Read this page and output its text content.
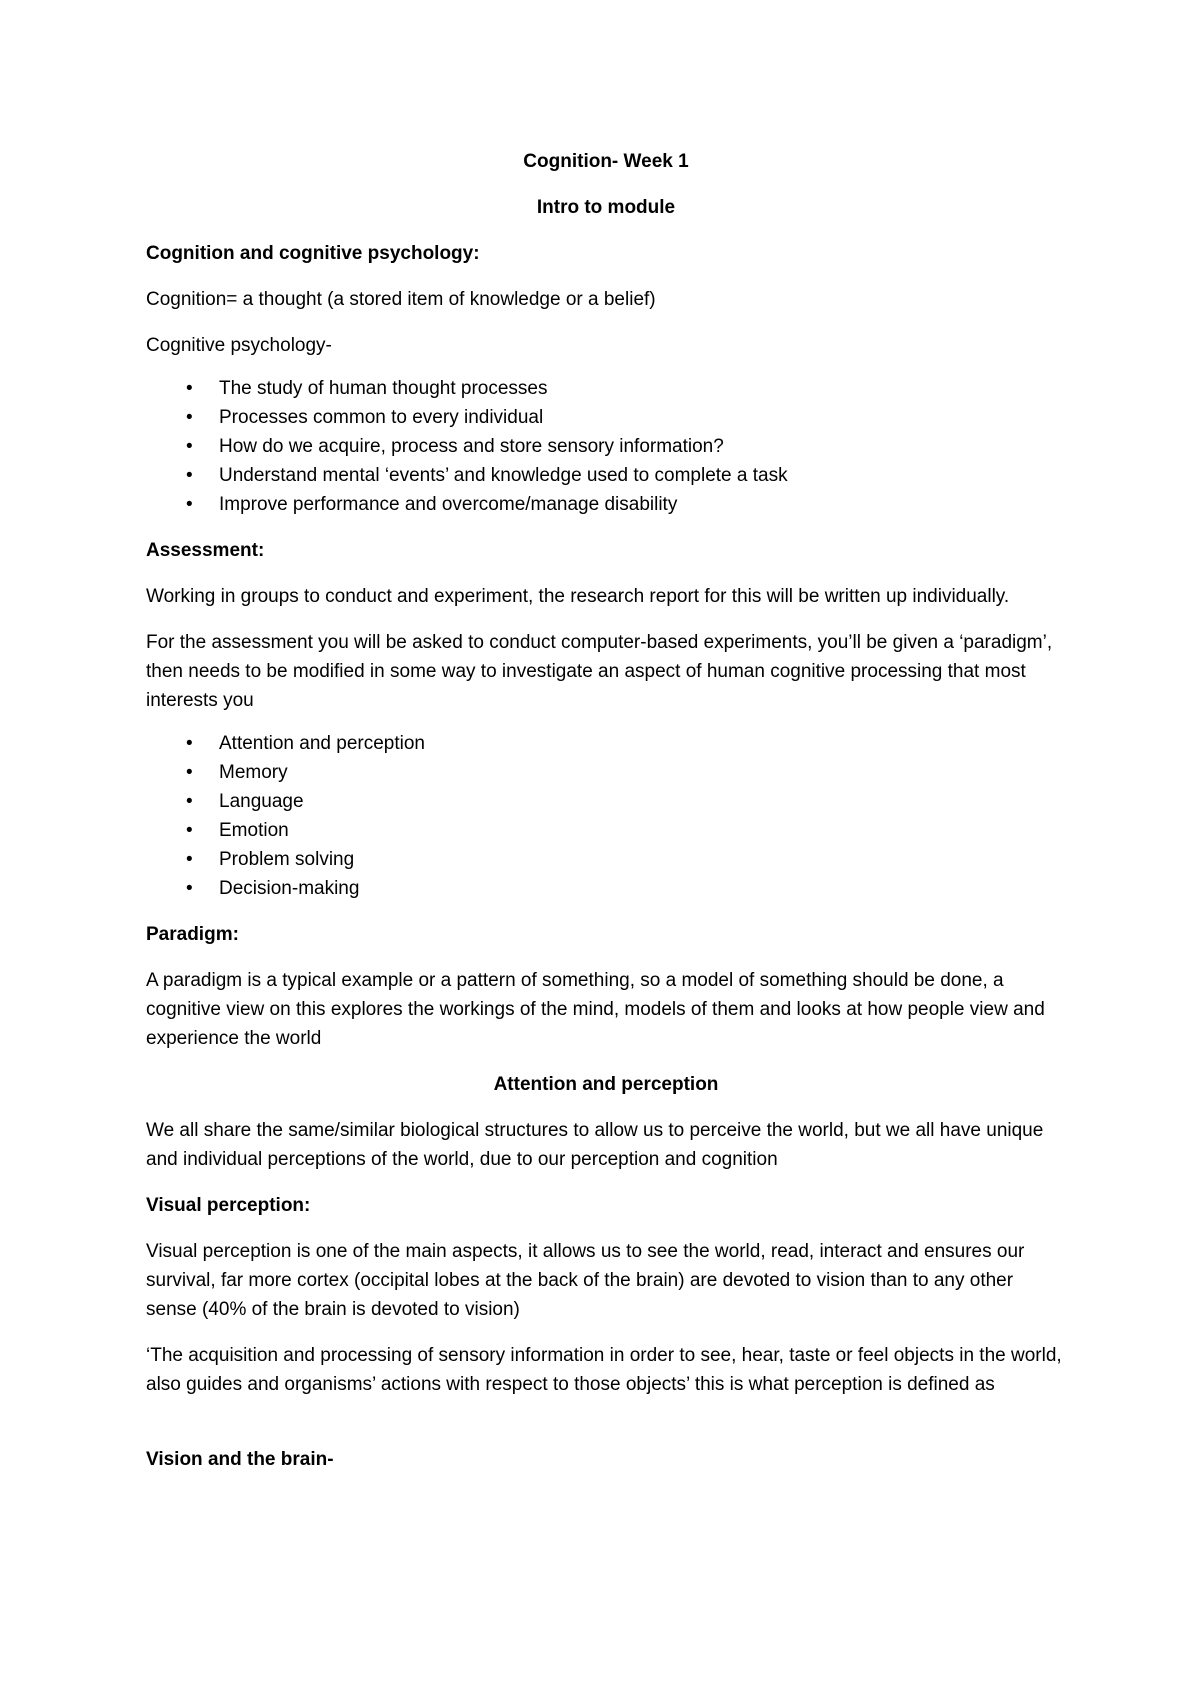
Cognition- Week 1

Intro to module

Cognition and cognitive psychology:

Cognition= a thought (a stored item of knowledge or a belief)

Cognitive psychology-

• The study of human thought processes
• Processes common to every individual
• How do we acquire, process and store sensory information?
• Understand mental ‘events’ and knowledge used to complete a task
• Improve performance and overcome/manage disability

Assessment:

Working in groups to conduct and experiment, the research report for this will be written up individually.

For the assessment you will be asked to conduct computer-based experiments, you’ll be given a ‘paradigm’, then needs to be modified in some way to investigate an aspect of human cognitive processing that most interests you

• Attention and perception
• Memory
• Language
• Emotion
• Problem solving
• Decision-making

Paradigm:

A paradigm is a typical example or a pattern of something, so a model of something should be done, a cognitive view on this explores the workings of the mind, models of them and looks at how people view and experience the world

Attention and perception

We all share the same/similar biological structures to allow us to perceive the world, but we all have unique and individual perceptions of the world, due to our perception and cognition

Visual perception:

Visual perception is one of the main aspects, it allows us to see the world, read, interact and ensures our survival, far more cortex (occipital lobes at the back of the brain) are devoted to vision than to any other sense (40% of the brain is devoted to vision)

‘The acquisition and processing of sensory information in order to see, hear, taste or feel objects in the world, also guides and organisms’ actions with respect to those objects’ this is what perception is defined as

Vision and the brain-
